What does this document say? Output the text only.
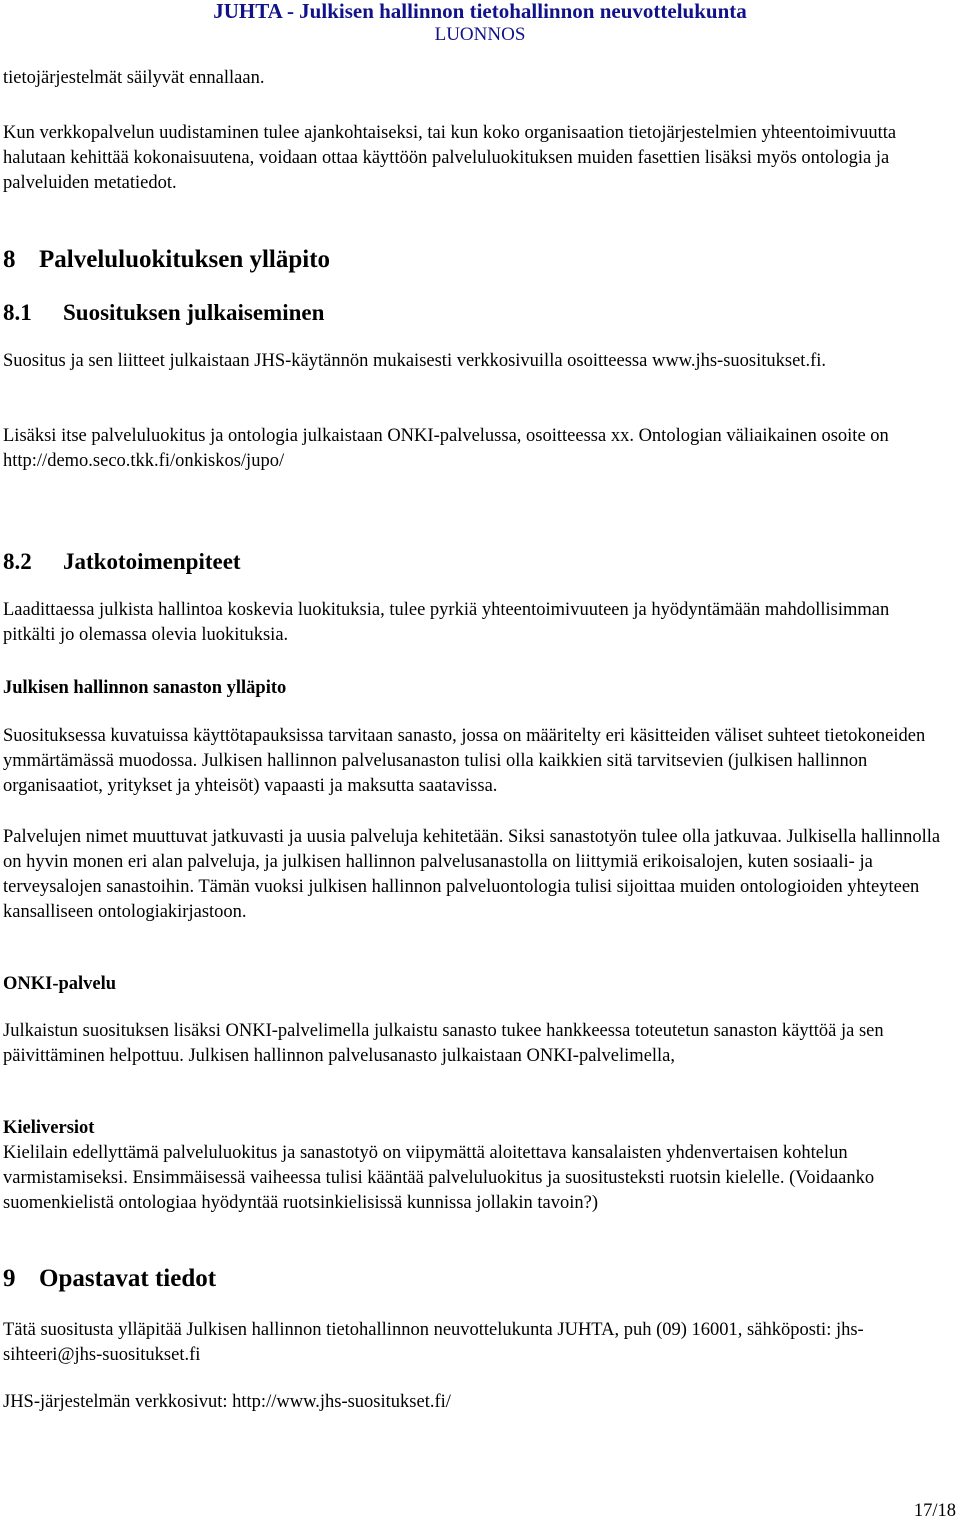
JUHTA - Julkisen hallinnon tietohallinnon neuvottelukunta
LUONNOS
tietojärjestelmät säilyvät ennallaan.

Kun verkkopalvelun uudistaminen tulee ajankohtaiseksi, tai kun koko organisaation tietojärjestelmien yhteentoimivuutta halutaan kehittää kokonaisuutena, voidaan ottaa käyttöön palveluluokituksen muiden fasettien lisäksi myös ontologia ja palveluiden metatiedot.

8 Palveluluokituksen ylläpito
8.1 Suosituksen julkaiseminen

Suositus ja sen liitteet julkaistaan JHS-käytännön mukaisesti verkkosivuilla osoitteessa www.jhs-suositukset.fi.

Lisäksi itse palveluluokitus ja ontologia julkaistaan ONKI-palvelussa, osoitteessa xx. Ontologian väliaikainen osoite on http://demo.seco.tkk.fi/onkiskos/jupo/

8.2 Jatkotoimenpiteet

Laadittaessa julkista hallintoa koskevia luokituksia, tulee pyrkiä yhteentoimivuuteen ja hyödyntämään mahdollisimman pitkälti jo olemassa olevia luokituksia.

Julkisen hallinnon sanaston ylläpito

Suosituksessa kuvatuissa käyttötapauksissa tarvitaan sanasto, jossa on määritelty eri käsitteiden väliset suhteet tietokoneiden ymmärtämässä muodossa. Julkisen hallinnon palvelusanaston tulisi olla kaikkien sitä tarvitsevien (julkisen hallinnon organisaatiot, yritykset ja yhteisöt) vapaasti ja maksutta saatavissa.

Palvelujen nimet muuttuvat jatkuvasti ja uusia palveluja kehitetään. Siksi sanastotyön tulee olla jatkuvaa. Julkisella hallinnolla on hyvin monen eri alan palveluja, ja julkisen hallinnon palvelusanastolla on liittymiä erikoisalojen, kuten sosiaali- ja terveysalojen sanastoihin. Tämän vuoksi julkisen hallinnon palveluontologia tulisi sijoittaa muiden ontologioiden yhteyteen kansalliseen ontologiakirjastoon.

ONKI-palvelu

Julkaistun suosituksen lisäksi ONKI-palvelimella julkaistu sanasto tukee hankkeessa toteutetun sanaston käyttöä ja sen päivittäminen helpottuu. Julkisen hallinnon palvelusanasto julkaistaan ONKI-palvelimella,

Kieliversiot

Kielilain edellyttämä palveluluokitus ja sanastotyö on viipymättä aloitettava kansalaisten yhdenvertaisen kohtelun varmistamiseksi. Ensimmäisessä vaiheessa tulisi kääntää palveluluokitus ja suositusteksti ruotsin kielelle. (Voidaanko suomenkielistä ontologiaa hyödyntää ruotsinkielisissä kunnissa jollakin tavoin?)

9 Opastavat tiedot

Tätä suositusta ylläpitää Julkisen hallinnon tietohallinnon neuvottelukunta JUHTA, puh (09) 16001, sähköposti: jhs-sihteeri@jhs-suositukset.fi

JHS-järjestelmän verkkosivut: http://www.jhs-suositukset.fi/

17/18
